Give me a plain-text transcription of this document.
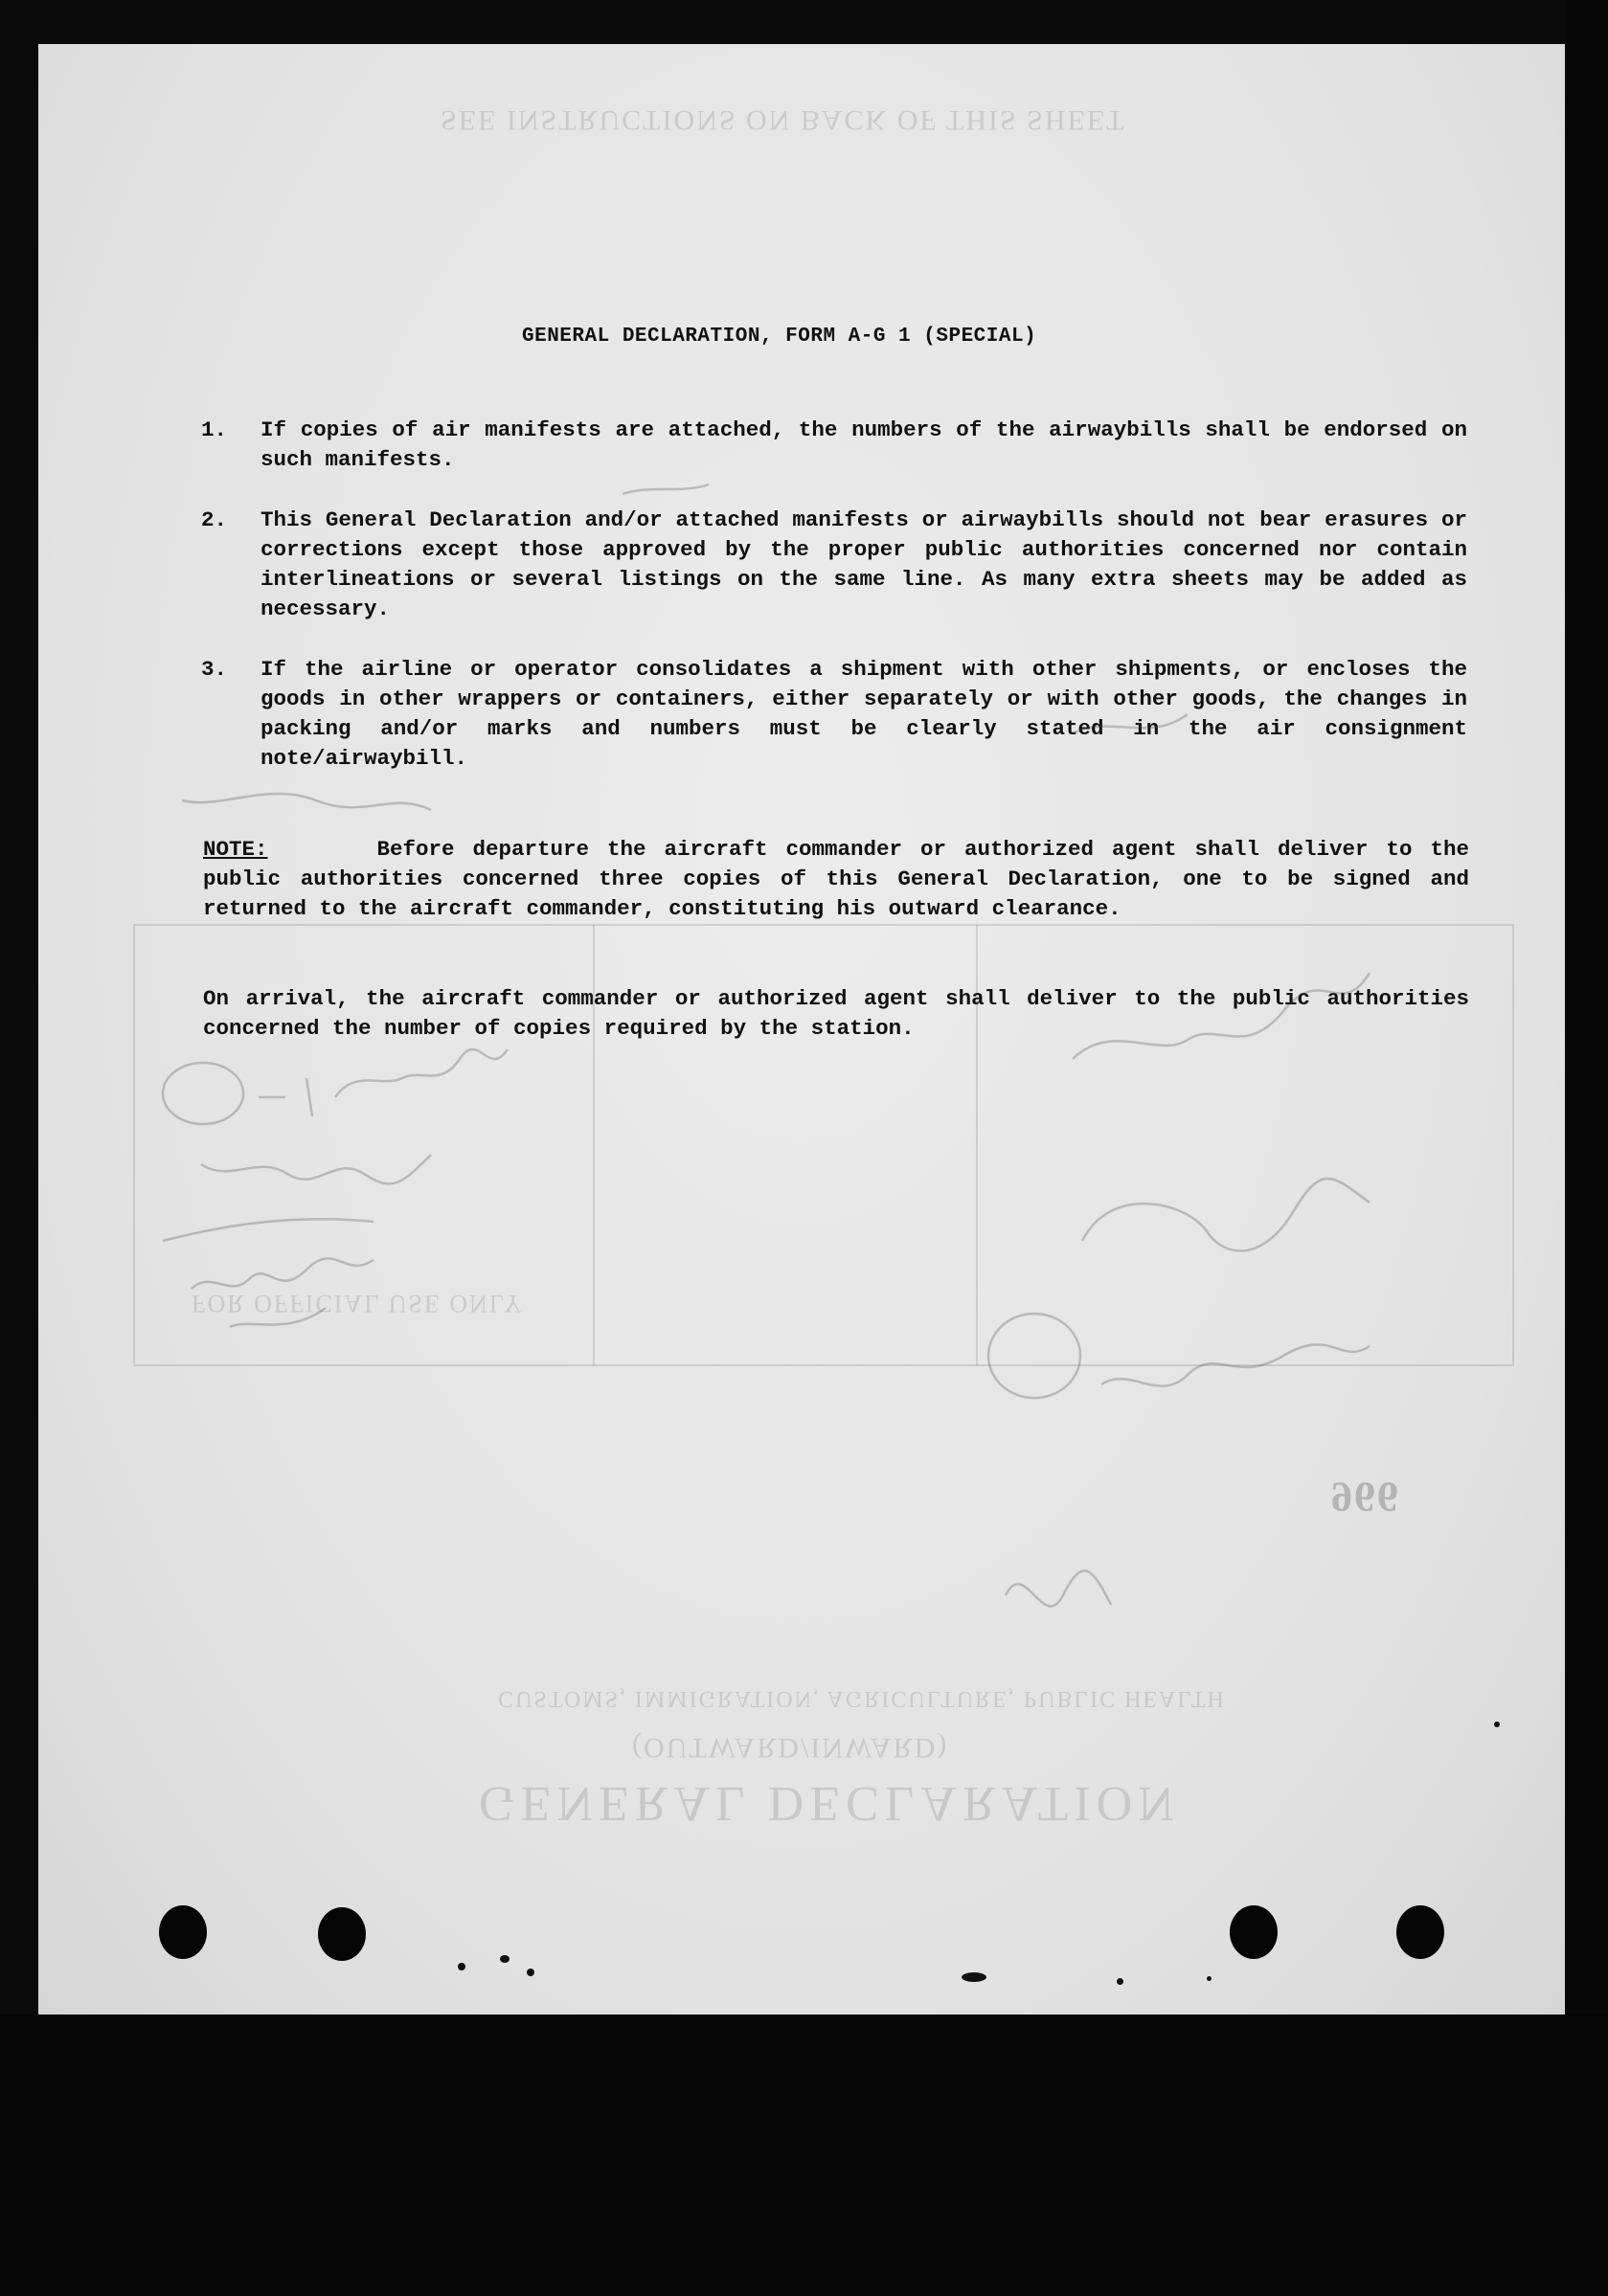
SEE INSTRUCTIONS ON BACK OF THIS SHEET
CUSTOMS, IMMIGRATION, AGRICULTURE, PUBLIC HEALTH
(OUTWARD/INWARD)
GENERAL DECLARATION
FOR OFFICIAL USE ONLY
966
GENERAL DECLARATION, FORM A-G 1 (SPECIAL)
1. If copies of air manifests are attached, the numbers of the airwaybills shall be endorsed on such manifests.
2. This General Declaration and/or attached manifests or airwaybills should not bear erasures or corrections except those approved by the proper public authorities concerned nor contain interlineations or several listings on the same line. As many extra sheets may be added as necessary.
3. If the airline or operator consolidates a shipment with other shipments, or encloses the goods in other wrappers or containers, either separately or with other goods, the changes in packing and/or marks and numbers must be clearly stated in the air consignment note/airwaybill.
NOTE:	Before departure the aircraft commander or authorized agent shall deliver to the public authorities concerned three copies of this General Declaration, one to be signed and returned to the aircraft commander, constituting his outward clearance.
On arrival, the aircraft commander or authorized agent shall deliver to the public authorities concerned the number of copies required by the station.
